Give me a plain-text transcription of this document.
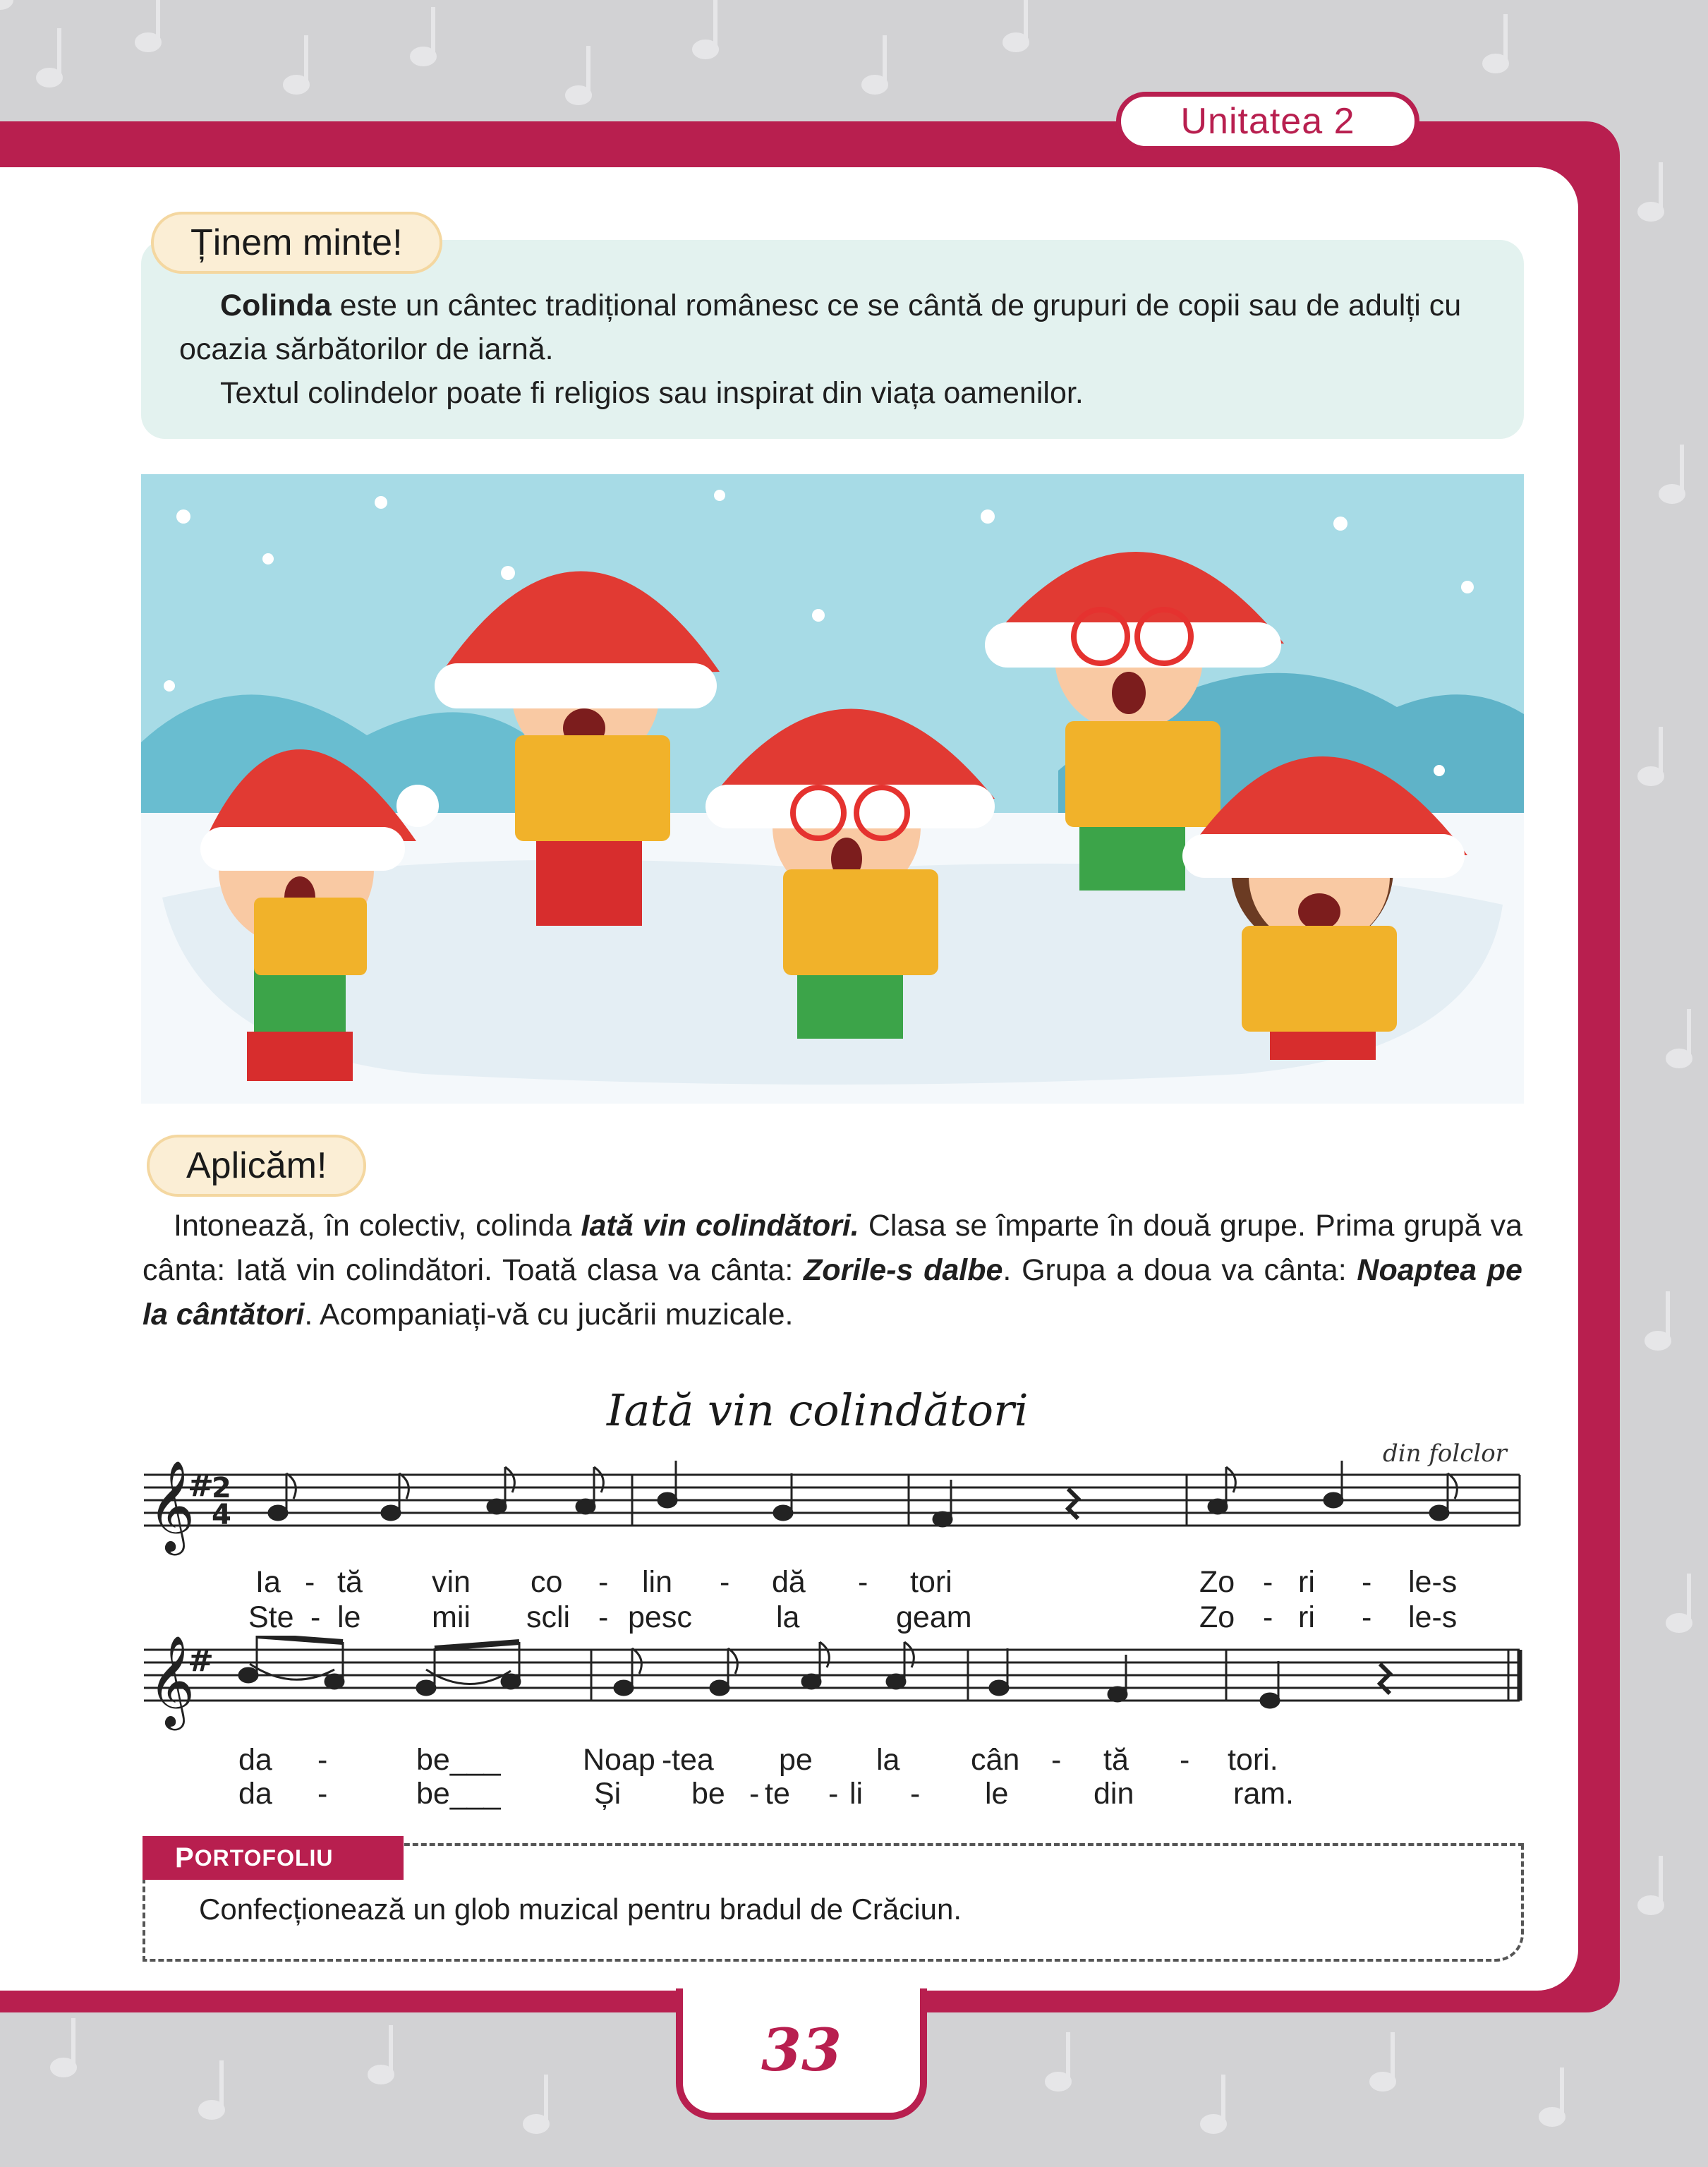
Unitatea 2
Ținem minte!

Colinda este un cântec tradițional românesc ce se cântă de grupuri de copii sau de adulți cu ocazia sărbătorilor de iarnă.

Textul colindelor poate fi religios sau inspirat din viața oamenilor.

Aplicăm!

Intonează, în colectiv, colinda Iată vin colindători. Clasa se împarte în două grupe. Prima grupă va cânta: Iată vin colindători. Toată clasa va cânta: Zorile-s dalbe. Grupa a doua va cânta: Noaptea pe la cântători. Acompaniați-vă cu jucării muzicale.

Iată vin colindători
din folclor
𝄞
#
2
4
Ia - tă vin co - lin - dă - tori	Zo - ri - le-s
Ste - le mii scli - pesc	la	geam	Zo - ri - le-s
𝄞
#
da -	be___	Noap - tea pe la cân - tă - tori.
da -	be___	Și be - te - li - le	din	ram.
P ORTOFOLIU
Confecționează un glob muzical pentru bradul de Crăciun.
33
